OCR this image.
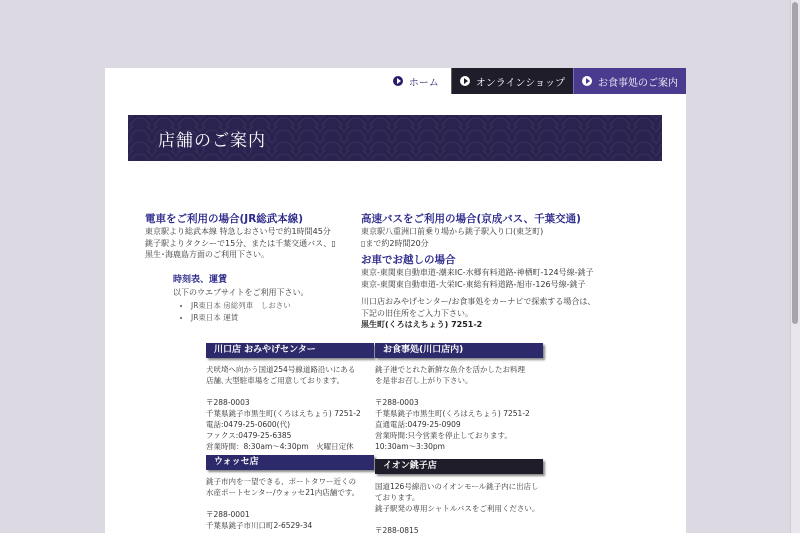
ホーム	オンラインショップ	お食事処のご案内
店舗のご案内
電車をご利用の場合(JR総武本線)

東京駅より総武本線 特急しおさい号で約1時間45分

銚子駅よりタクシーで15分、または千葉交通バス、▯

黒生･海鹿島方面のご利用下さい。

時刻表、運賃

以下のウエブサイトをご利用下さい。

• JR東日本 房総列車　しおさい
• JR東日本 運賃
高速バスをご利用の場合(京成バス、千葉交通)

東京駅八重洲口前乗り場から銚子駅入り口(東芝町)

▯まで約2時間20分

お車でお越しの場合

東京-東関東自動車道-潮来IC-水郷有料道路-神栖町-124号線-銚子

東京-東関東自動車道-大栄IC-東総有料道路-旭市-126号線-銚子

川口店おみやげセンター/お食事処をカーナビで探索する場合は、

下記の旧住所をご入力下さい。

黒生町(くろはえちょう) 7251-2

川口店 おみやげセンター

犬吠埼へ向かう国道254号線道路沿いにある

店舗､大型駐車場をご用意しております。

〒288-0003

千葉県銚子市黒生町(くろはえちょう) 7251-2

電話:0479-25-0600(代)

ファクス:0479-25-6385

営業時間：8:30am〜4:30pm　火曜日定休

お食事処(川口店内)

銚子港でとれた新鮮な魚介を活かしたお料理

を是非お召し上がり下さい。

〒288-0003

千葉県銚子市黒生町(くろはえちょう) 7251-2

直通電話:0479-25-0909

営業時間:只今営業を停止しております。

10:30am〜3:30pm

ウォッセ店

銚子市内を一望できる、ポートタワー近くの

水産ポートセンター/ウォッセ21内店舗です。

〒288-0001

千葉県銚子市川口町2-6529-34

イオン銚子店

国道126号線沿いのイオンモール銚子内に出店し

ております。

銚子駅発の専用シャトルバスをご利用ください。

〒288-0815
